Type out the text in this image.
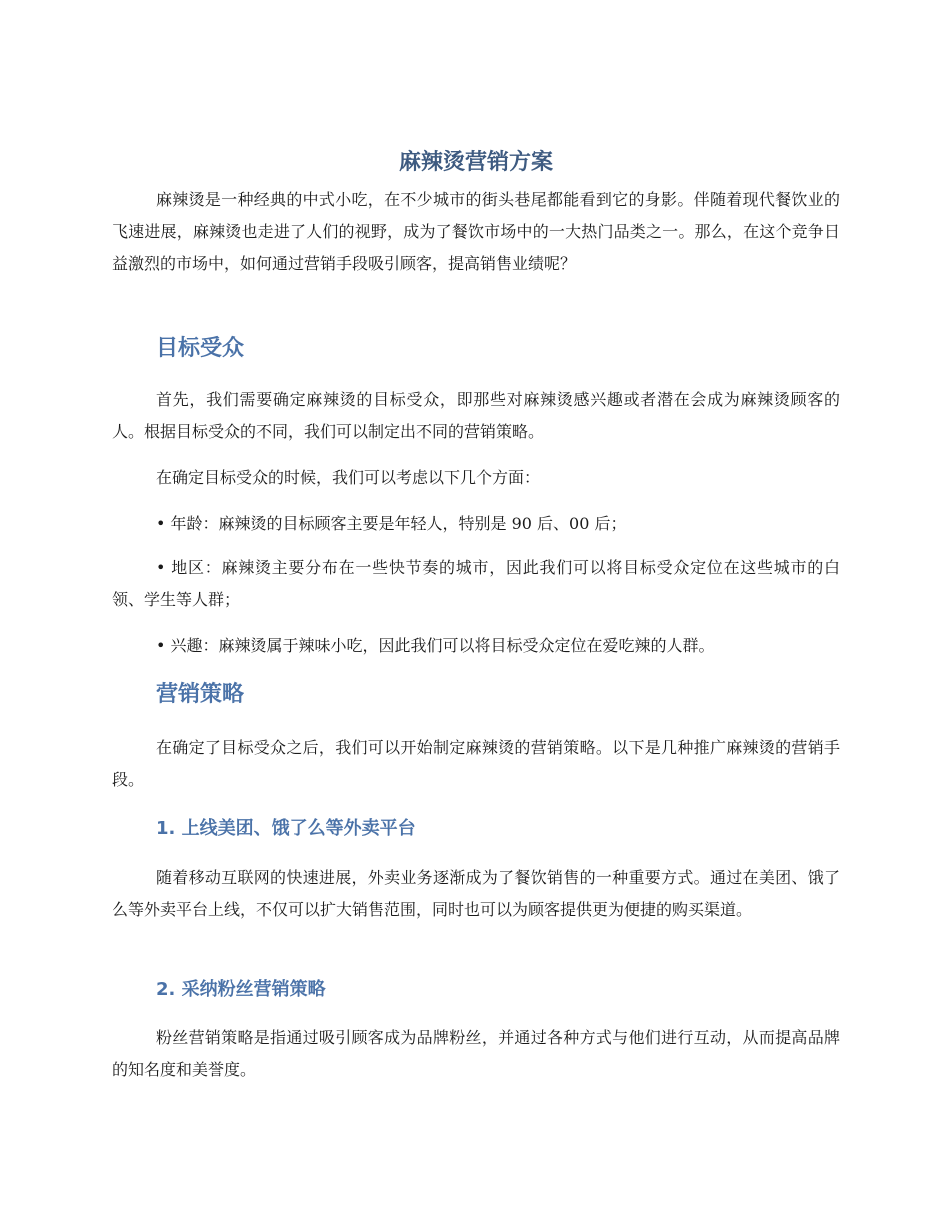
麻辣烫营销方案

麻辣烫是一种经典的中式小吃，在不少城市的街头巷尾都能看到它的身影。伴随着现代餐饮业的飞速进展，麻辣烫也走进了人们的视野，成为了餐饮市场中的一大热门品类之一。那么，在这个竞争日益激烈的市场中，如何通过营销手段吸引顾客，提高销售业绩呢？

目标受众

首先，我们需要确定麻辣烫的目标受众，即那些对麻辣烫感兴趣或者潜在会成为麻辣烫顾客的人。根据目标受众的不同，我们可以制定出不同的营销策略。

在确定目标受众的时候，我们可以考虑以下几个方面：

• 年龄：麻辣烫的目标顾客主要是年轻人，特别是 90 后、00 后；

• 地区：麻辣烫主要分布在一些快节奏的城市，因此我们可以将目标受众定位在这些城市的白领、学生等人群；

• 兴趣：麻辣烫属于辣味小吃，因此我们可以将目标受众定位在爱吃辣的人群。

营销策略

在确定了目标受众之后，我们可以开始制定麻辣烫的营销策略。以下是几种推广麻辣烫的营销手段。

1. 上线美团、饿了么等外卖平台

随着移动互联网的快速进展，外卖业务逐渐成为了餐饮销售的一种重要方式。通过在美团、饿了么等外卖平台上线，不仅可以扩大销售范围，同时也可以为顾客提供更为便捷的购买渠道。

2. 采纳粉丝营销策略

粉丝营销策略是指通过吸引顾客成为品牌粉丝，并通过各种方式与他们进行互动，从而提高品牌的知名度和美誉度。
